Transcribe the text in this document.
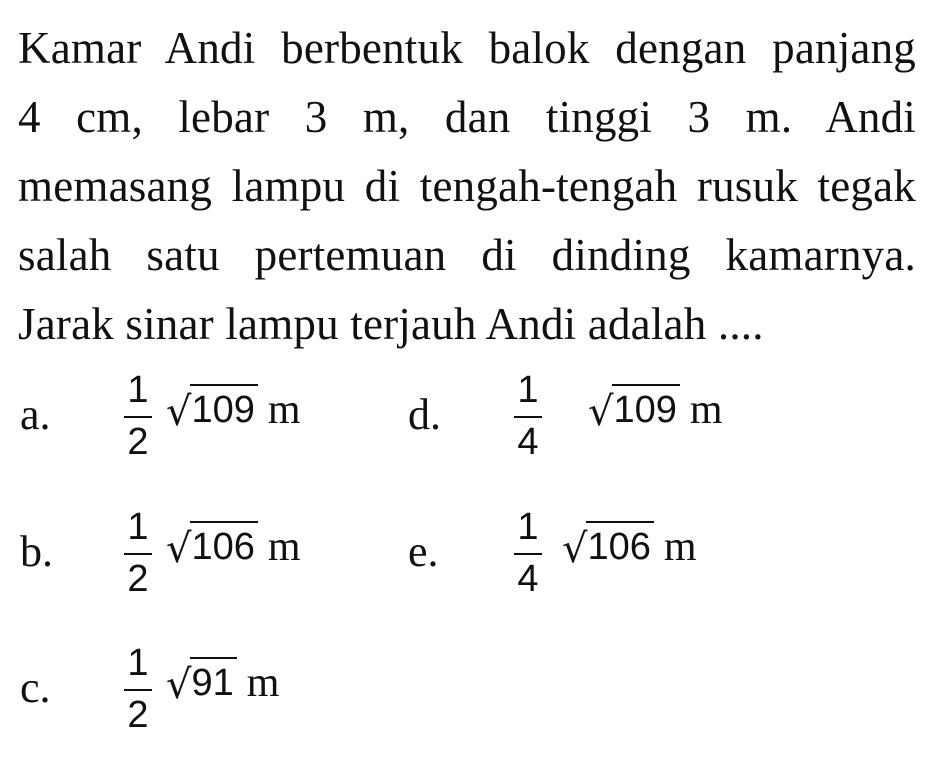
Kamar Andi berbentuk balok dengan panjang
4 cm, lebar 3 m, dan tinggi 3 m. Andi
memasang lampu di tengah-tengah rusuk tegak
salah satu pertemuan di dinding kamarnya.
Jarak sinar lampu terjauh Andi adalah ....
a. 1
2
√ 109 m
b. 1
2
√ 106 m
c. 1
2
√ 91 m
d. 1
4
√ 109 m
e. 1
4
√ 106 m
